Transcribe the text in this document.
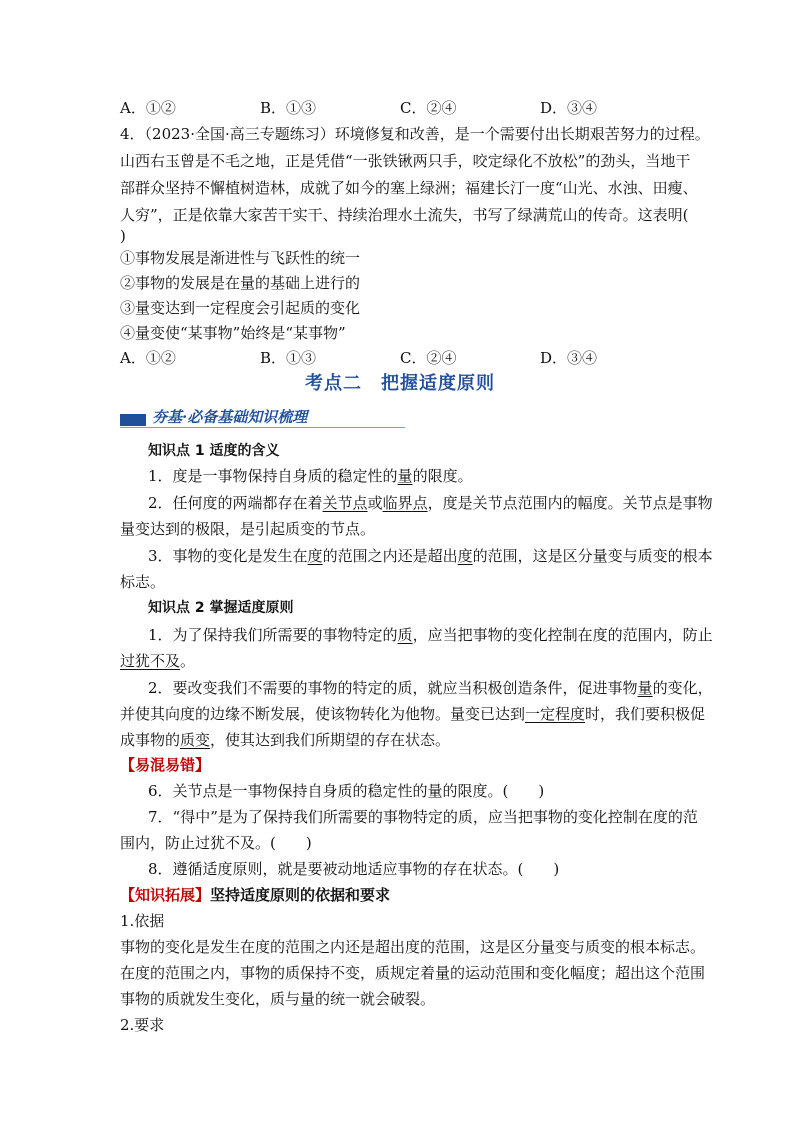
A．①②	B．①③	C．②④	D．③④
4．（2023·全国·高三专题练习）环境修复和改善，是一个需要付出长期艰苦努力的过程。
山西右玉曾是不毛之地，正是凭借“一张铁锹两只手，咬定绿化不放松”的劲头，当地干
部群众坚持不懈植树造林，成就了如今的塞上绿洲；福建长汀一度“山光、水浊、田瘦、
人穷”，正是依靠大家苦干实干、持续治理水土流失，书写了绿满荒山的传奇。这表明(
)
①事物发展是渐进性与飞跃性的统一
②事物的发展是在量的基础上进行的
③量变达到一定程度会引起质的变化
④量变使“某事物”始终是“某事物”
A．①②	B．①③	C．②④	D．③④
考点二　把握适度原则
夯基·必备基础知识梳理
知识点 1 适度的含义
1．度是一事物保持自身质的稳定性的量的限度。
2．任何度的两端都存在着关节点或临界点，度是关节点范围内的幅度。关节点是事物
量变达到的极限，是引起质变的节点。
3．事物的变化是发生在度的范围之内还是超出度的范围，这是区分量变与质变的根本
标志。
知识点 2 掌握适度原则
1．为了保持我们所需要的事物特定的质，应当把事物的变化控制在度的范围内，防止
过犹不及。
2．要改变我们不需要的事物的特定的质，就应当积极创造条件，促进事物量的变化，
并使其向度的边缘不断发展，使该物转化为他物。量变已达到一定程度时，我们要积极促
成事物的质变，使其达到我们所期望的存在状态。
【易混易错】
6．关节点是一事物保持自身质的稳定性的量的限度。(　　)
7．“得中”是为了保持我们所需要的事物特定的质，应当把事物的变化控制在度的范
围内，防止过犹不及。(　　)
8．遵循适度原则，就是要被动地适应事物的存在状态。(　　)
【知识拓展】坚持适度原则的依据和要求
1.依据
事物的变化是发生在度的范围之内还是超出度的范围，这是区分量变与质变的根本标志。
在度的范围之内，事物的质保持不变，质规定着量的运动范围和变化幅度；超出这个范围
事物的质就发生变化，质与量的统一就会破裂。
2.要求
